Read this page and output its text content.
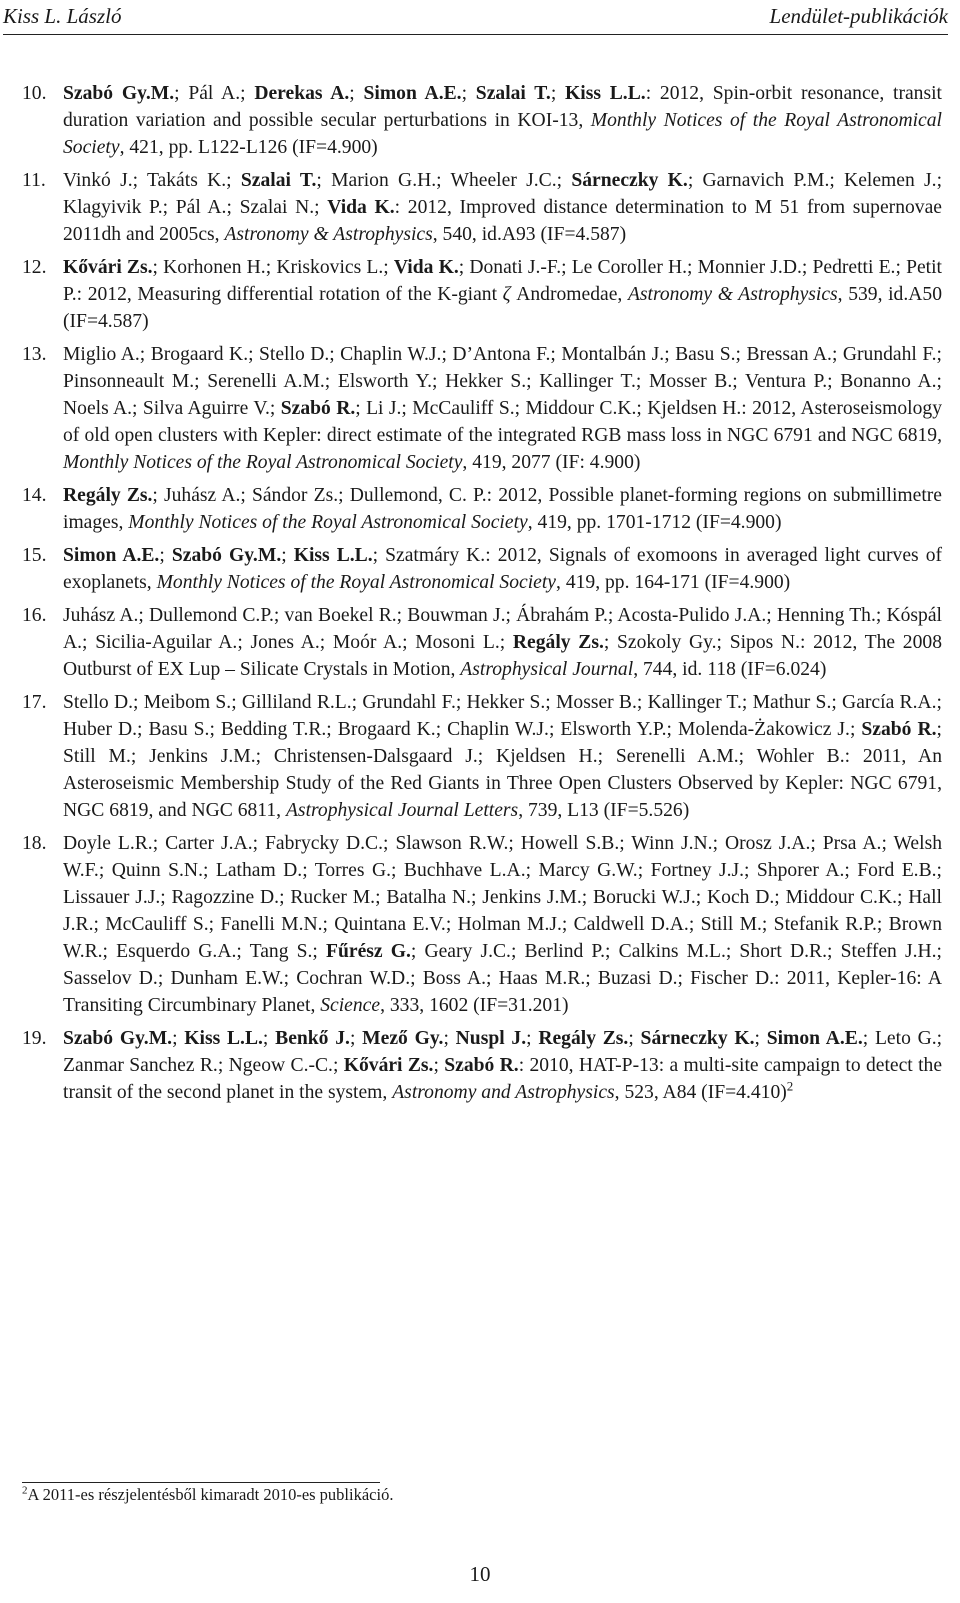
Kiss L. László	Lendület-publikációk
10. Szabó Gy.M.; Pál A.; Derekas A.; Simon A.E.; Szalai T.; Kiss L.L.: 2012, Spin-orbit resonance, transit duration variation and possible secular perturbations in KOI-13, Monthly Notices of the Royal Astronomical Society, 421, pp. L122-L126 (IF=4.900)
11. Vinkó J.; Takáts K.; Szalai T.; Marion G.H.; Wheeler J.C.; Sárneczky K.; Garnavich P.M.; Kelemen J.; Klagyivik P.; Pál A.; Szalai N.; Vida K.: 2012, Improved distance determination to M 51 from supernovae 2011dh and 2005cs, Astronomy & Astrophysics, 540, id.A93 (IF=4.587)
12. Kővári Zs.; Korhonen H.; Kriskovics L.; Vida K.; Donati J.-F.; Le Coroller H.; Monnier J.D.; Pedretti E.; Petit P.: 2012, Measuring differential rotation of the K-giant ζ Andromedae, Astronomy & Astrophysics, 539, id.A50 (IF=4.587)
13. Miglio A.; Brogaard K.; Stello D.; Chaplin W.J.; D’Antona F.; Montalbán J.; Basu S.; Bressan A.; Grundahl F.; Pinsonneault M.; Serenelli A.M.; Elsworth Y.; Hekker S.; Kallinger T.; Mosser B.; Ventura P.; Bonanno A.; Noels A.; Silva Aguirre V.; Szabó R.; Li J.; McCauliff S.; Middour C.K.; Kjeldsen H.: 2012, Asteroseismology of old open clusters with Kepler: direct estimate of the integrated RGB mass loss in NGC 6791 and NGC 6819, Monthly Notices of the Royal Astronomical Society, 419, 2077 (IF: 4.900)
14. Regály Zs.; Juhász A.; Sándor Zs.; Dullemond, C. P.: 2012, Possible planet-forming regions on submillimetre images, Monthly Notices of the Royal Astronomical Society, 419, pp. 1701-1712 (IF=4.900)
15. Simon A.E.; Szabó Gy.M.; Kiss L.L.; Szatmáry K.: 2012, Signals of exomoons in averaged light curves of exoplanets, Monthly Notices of the Royal Astronomical Society, 419, pp. 164-171 (IF=4.900)
16. Juhász A.; Dullemond C.P.; van Boekel R.; Bouwman J.; Ábrahám P.; Acosta-Pulido J.A.; Henning Th.; Kóspál A.; Sicilia-Aguilar A.; Jones A.; Moór A.; Mosoni L.; Regály Zs.; Szokoly Gy.; Sipos N.: 2012, The 2008 Outburst of EX Lup – Silicate Crystals in Motion, Astrophysical Journal, 744, id. 118 (IF=6.024)
17. Stello D.; Meibom S.; Gilliland R.L.; Grundahl F.; Hekker S.; Mosser B.; Kallinger T.; Mathur S.; García R.A.; Huber D.; Basu S.; Bedding T.R.; Brogaard K.; Chaplin W.J.; Elsworth Y.P.; Molenda-Żakowicz J.; Szabó R.; Still M.; Jenkins J.M.; Christensen-Dalsgaard J.; Kjeldsen H.; Serenelli A.M.; Wohler B.: 2011, An Asteroseismic Membership Study of the Red Giants in Three Open Clusters Observed by Kepler: NGC 6791, NGC 6819, and NGC 6811, Astrophysical Journal Letters, 739, L13 (IF=5.526)
18. Doyle L.R.; Carter J.A.; Fabrycky D.C.; Slawson R.W.; Howell S.B.; Winn J.N.; Orosz J.A.; Prsa A.; Welsh W.F.; Quinn S.N.; Latham D.; Torres G.; Buchhave L.A.; Marcy G.W.; Fortney J.J.; Shporer A.; Ford E.B.; Lissauer J.J.; Ragozzine D.; Rucker M.; Batalha N.; Jenkins J.M.; Borucki W.J.; Koch D.; Middour C.K.; Hall J.R.; McCauliff S.; Fanelli M.N.; Quintana E.V.; Holman M.J.; Caldwell D.A.; Still M.; Stefanik R.P.; Brown W.R.; Esquerdo G.A.; Tang S.; Fűrész G.; Geary J.C.; Berlind P.; Calkins M.L.; Short D.R.; Steffen J.H.; Sasselov D.; Dunham E.W.; Cochran W.D.; Boss A.; Haas M.R.; Buzasi D.; Fischer D.: 2011, Kepler-16: A Transiting Circumbinary Planet, Science, 333, 1602 (IF=31.201)
19. Szabó Gy.M.; Kiss L.L.; Benkő J.; Mező Gy.; Nuspl J.; Regály Zs.; Sárneczky K.; Simon A.E.; Leto G.; Zanmar Sanchez R.; Ngeow C.-C.; Kővári Zs.; Szabó R.: 2010, HAT-P-13: a multi-site campaign to detect the transit of the second planet in the system, Astronomy and Astrophysics, 523, A84 (IF=4.410)$^2$
$^2$A 2011-es részjelentésből kimaradt 2010-es publikáció.
10
